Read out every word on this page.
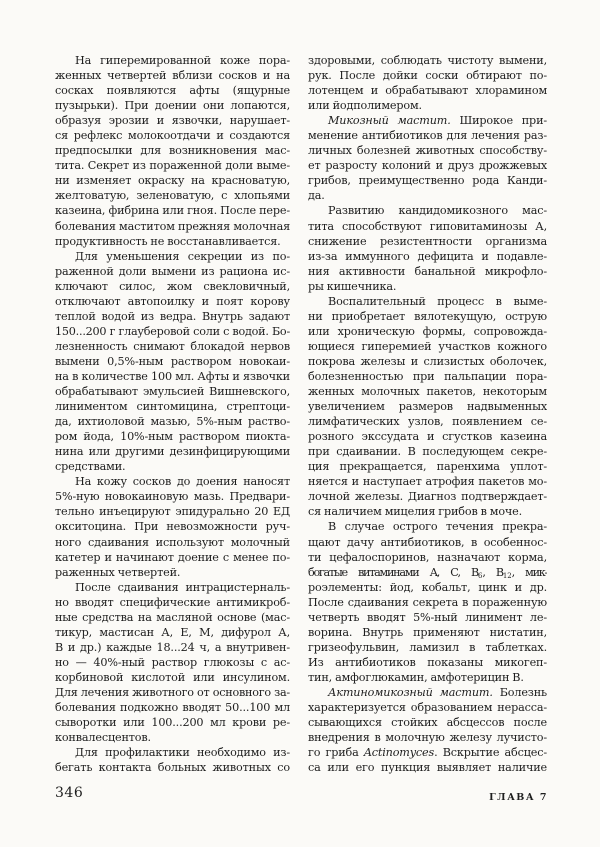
На гиперемированной коже пора-
женных четвертей вблизи сосков и на
сосках появляются афты (ящурные
пузырьки). При доении они лопаются,
образуя эрозии и язвочки, нарушает-
ся рефлекс молокоотдачи и создаются
предпосылки для возникновения мас-
тита. Секрет из пораженной доли выме-
ни изменяет окраску на красноватую,
желтоватую, зеленоватую, с хлопьями
казеина, фибрина или гноя. После пере-
болевания маститом прежняя молочная
продуктивность не восстанавливается.
Для уменьшения секреции из по-
раженной доли вымени из рациона ис-
ключают силос, жом свекловичный,
отключают автопоилку и поят корову
теплой водой из ведра. Внутрь задают
150...200 г глауберовой соли с водой. Бо-
лезненность снимают блокадой нервов
вымени 0,5%-ным раствором новокаи-
на в количестве 100 мл. Афты и язвочки
обрабатывают эмульсией Вишневского,
линиментом синтомицина, стрептоци-
да, ихтиоловой мазью, 5%-ным раство-
ром йода, 10%-ным раствором пиокта-
нина или другими дезинфицирующими
средствами.
На кожу сосков до доения наносят
5%-ную новокаиновую мазь. Предвари-
тельно инъецируют эпидурально 20 ЕД
окситоцина. При невозможности руч-
ного сдаивания используют молочный
катетер и начинают доение с менее по-
раженных четвертей.
После сдаивания интрацистерналь-
но вводят специфические антимикроб-
ные средства на масляной основе (мас-
тикур, мастисан А, Е, М, дифурол А,
В и др.) каждые 18...24 ч, а внутривен-
но — 40%-ный раствор глюкозы с ас-
корбиновой кислотой или инсулином.
Для лечения животного от основного за-
болевания подкожно вводят 50...100 мл
сыворотки или 100...200 мл крови ре-
конвалесцентов.
Для профилактики необходимо из-
бегать контакта больных животных со
здоровыми, соблюдать чистоту вымени,
рук. После дойки соски обтирают по-
лотенцем и обрабатывают хлорамином
или йодполимером.
Микозный мастит. Широкое при-
менение антибиотиков для лечения раз-
личных болезней животных способству-
ет разросту колоний и друз дрожжевых
грибов, преимущественно рода Канди-
да.
Развитию кандидомикозного мас-
тита способствуют гиповитаминозы А,
снижение резистентности организма
из-за иммунного дефицита и подавле-
ния активности банальной микрофло-
ры кишечника.
Воспалительный процесс в выме-
ни приобретает вялотекущую, острую
или хроническую формы, сопровожда-
ющиеся гиперемией участков кожного
покрова железы и слизистых оболочек,
болезненностью при пальпации пора-
женных молочных пакетов, некоторым
увеличением размеров надвыменных
лимфатических узлов, появлением се-
розного экссудата и сгустков казеина
при сдаивании. В последующем секре-
ция прекращается, паренхима уплот-
няется и наступает атрофия пакетов мо-
лочной железы. Диагноз подтверждает-
ся наличием мицелия грибов в моче.
В случае острого течения прекра-
щают дачу антибиотиков, в особеннос-
ти цефалоспоринов, назначают корма,
богатые витаминами А, С, $В_6$, $В_{12}$, мик-
роэлементы: йод, кобальт, цинк и др.
После сдаивания секрета в пораженную
четверть вводят 5%-ный линимент ле-
ворина. Внутрь применяют нистатин,
гризеофульвин, ламизил в таблетках.
Из антибиотиков показаны микогеп-
тин, амфоглюкамин, амфотерицин В.
Актиномикозный мастит. Болезнь
характеризуется образованием нерасса-
сывающихся стойких абсцессов после
внедрения в молочную железу лучисто-
го гриба Actinomyces. Вскрытие абсцес-
са или его пункция выявляет наличие
346	ГЛАВА 7
